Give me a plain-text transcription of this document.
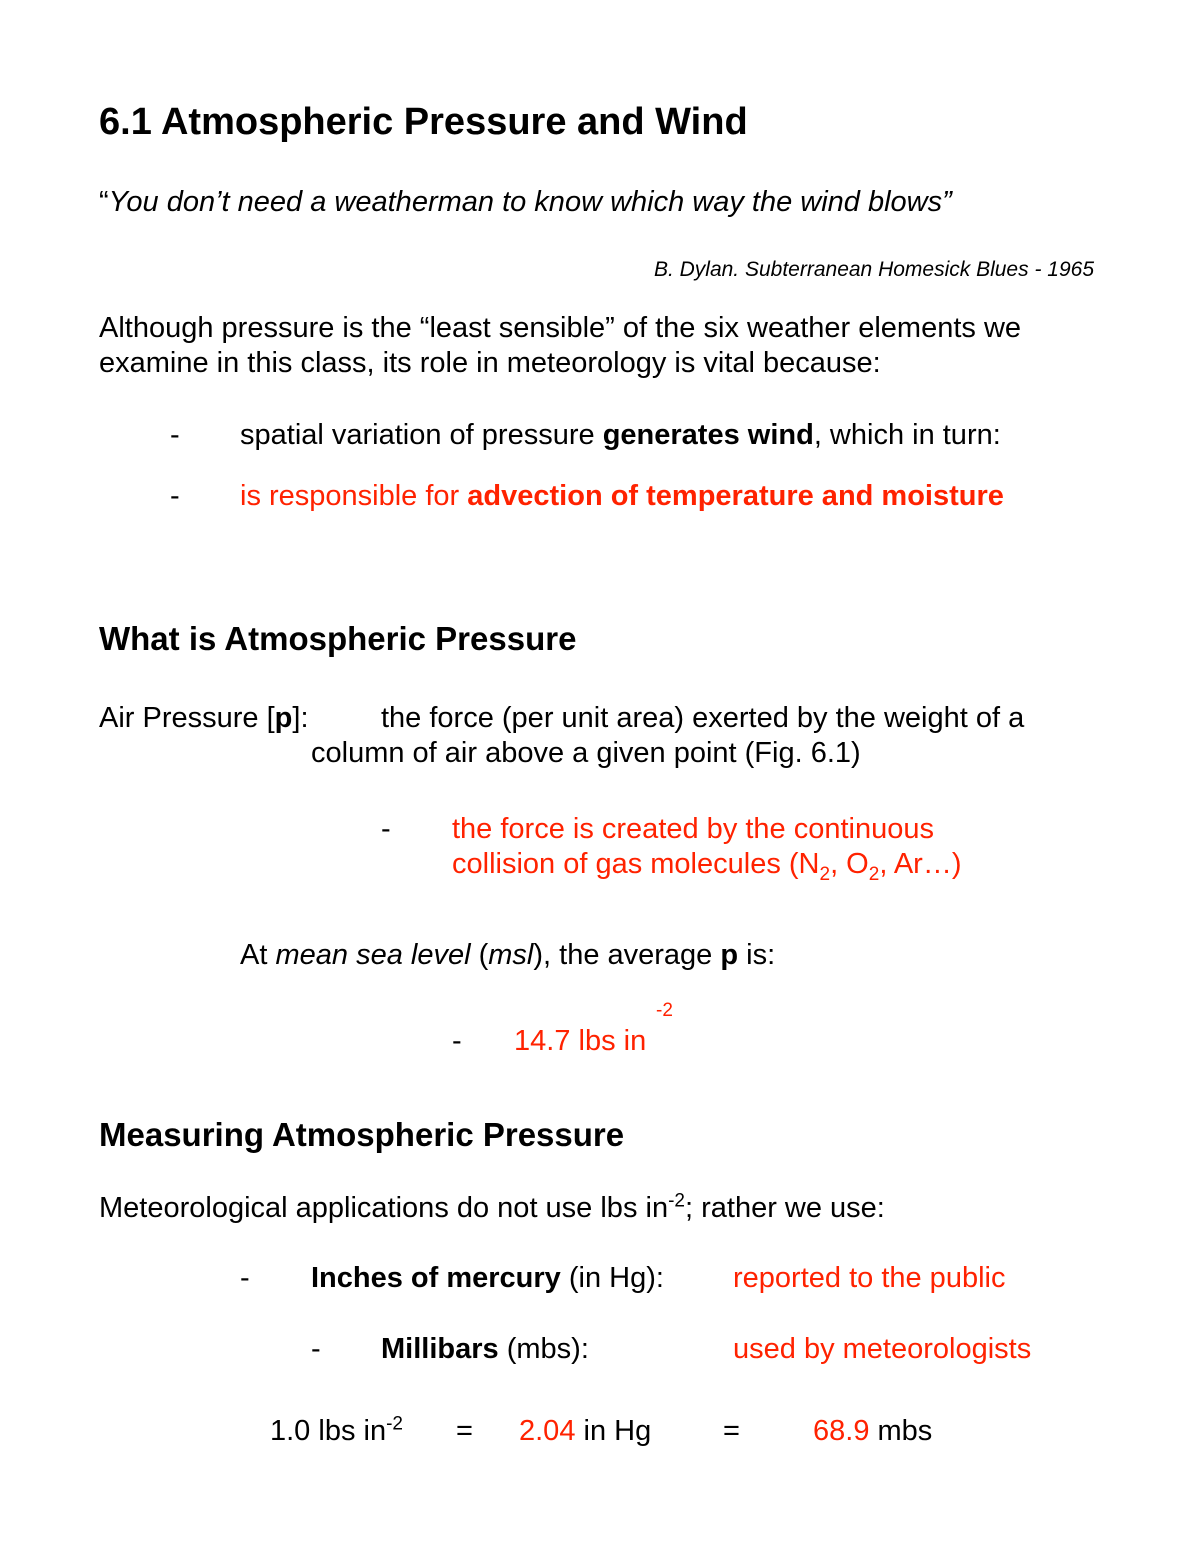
6.1 Atmospheric Pressure and Wind
“You don’t need a weatherman to know which way the wind blows”
B. Dylan. Subterranean Homesick Blues - 1965
Although pressure is the “least sensible” of the six weather elements we
examine in this class, its role in meteorology is vital because:
- spatial variation of pressure generates wind, which in turn:
- is responsible for advection of temperature and moisture
What is Atmospheric Pressure
Air Pressure [p]: the force (per unit area) exerted by the weight of a
column of air above a given point (Fig. 6.1)
- the force is created by the continuous
collision of gas molecules ($N_2$, $O_2$, Ar…)
At mean sea level (msl), the average p is:
-2
- 14.7 lbs in
Measuring Atmospheric Pressure
Meteorological applications do not use lbs $in^{-2}$; rather we use:
- Inches of mercury (in Hg): reported to the public
- Millibars (mbs):	used by meteorologists
1.0 lbs $in^{-2} = 2.04$ in Hg =	68.9 mbs
